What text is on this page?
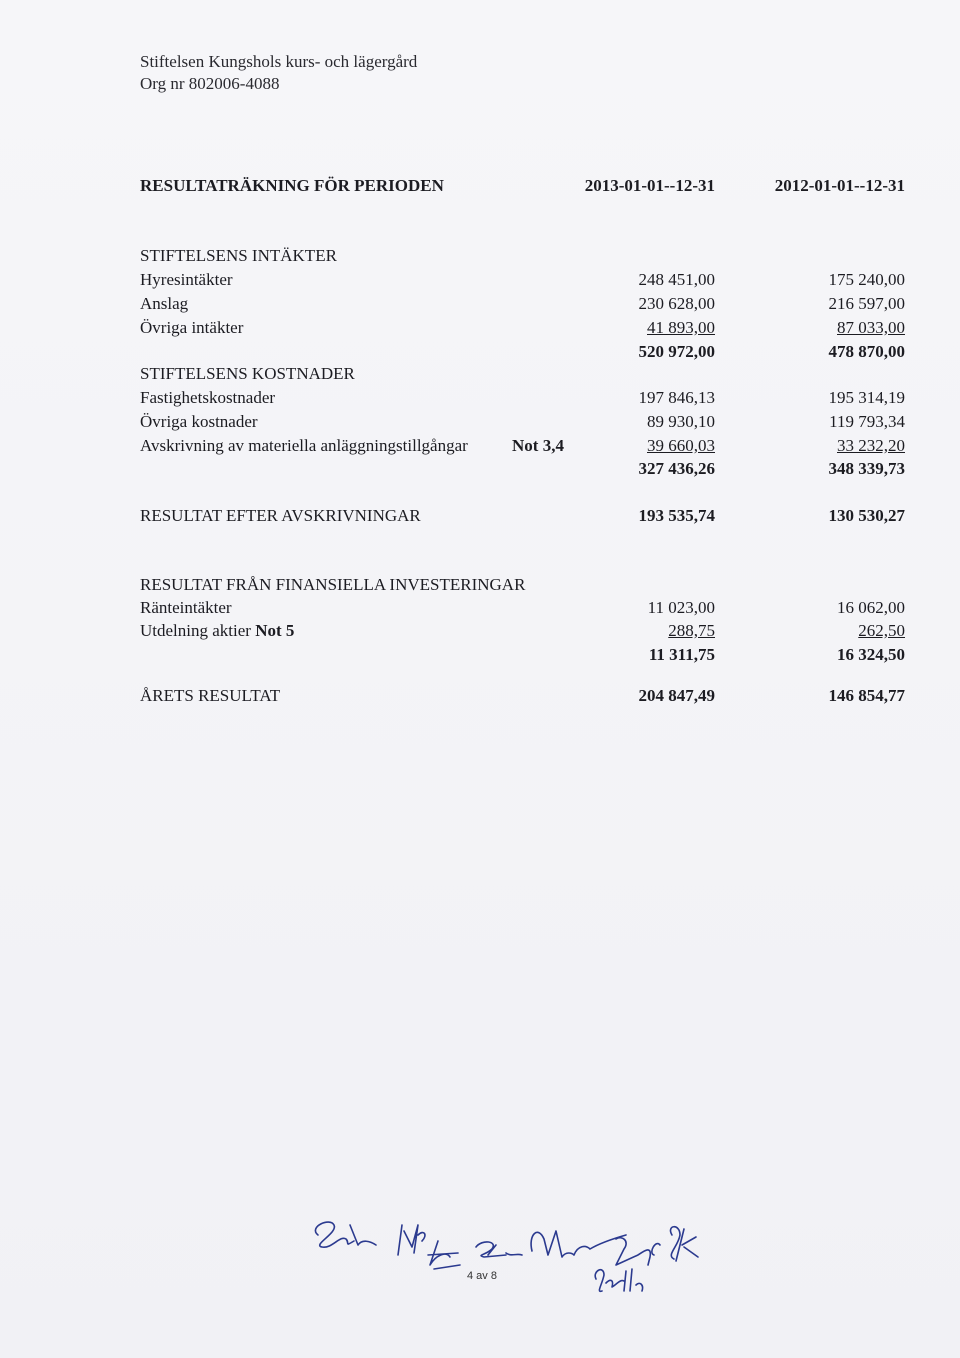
Stiftelsen Kungshols kurs- och lägergård
Org nr 802006-4088
RESULTATRÄKNING FÖR PERIODEN	2013-01-01--12-31	2012-01-01--12-31
STIFTELSENS INTÄKTER
Hyresintäkter	248 451,00	175 240,00
Anslag	230 628,00	216 597,00
Övriga intäkter	41 893,00	87 033,00
520 972,00	478 870,00
STIFTELSENS KOSTNADER
Fastighetskostnader	197 846,13	195 314,19
Övriga kostnader	89 930,10	119 793,34
Avskrivning av materiella anläggningstillgångar	Not 3,4	39 660,03	33 232,20
327 436,26	348 339,73
RESULTAT EFTER AVSKRIVNINGAR	193 535,74	130 530,27
RESULTAT FRÅN FINANSIELLA INVESTERINGAR
Ränteintäkter	11 023,00	16 062,00
Utdelning aktier Not 5	288,75	262,50
11 311,75	16 324,50
ÅRETS RESULTAT	204 847,49	146 854,77
4 av 8
